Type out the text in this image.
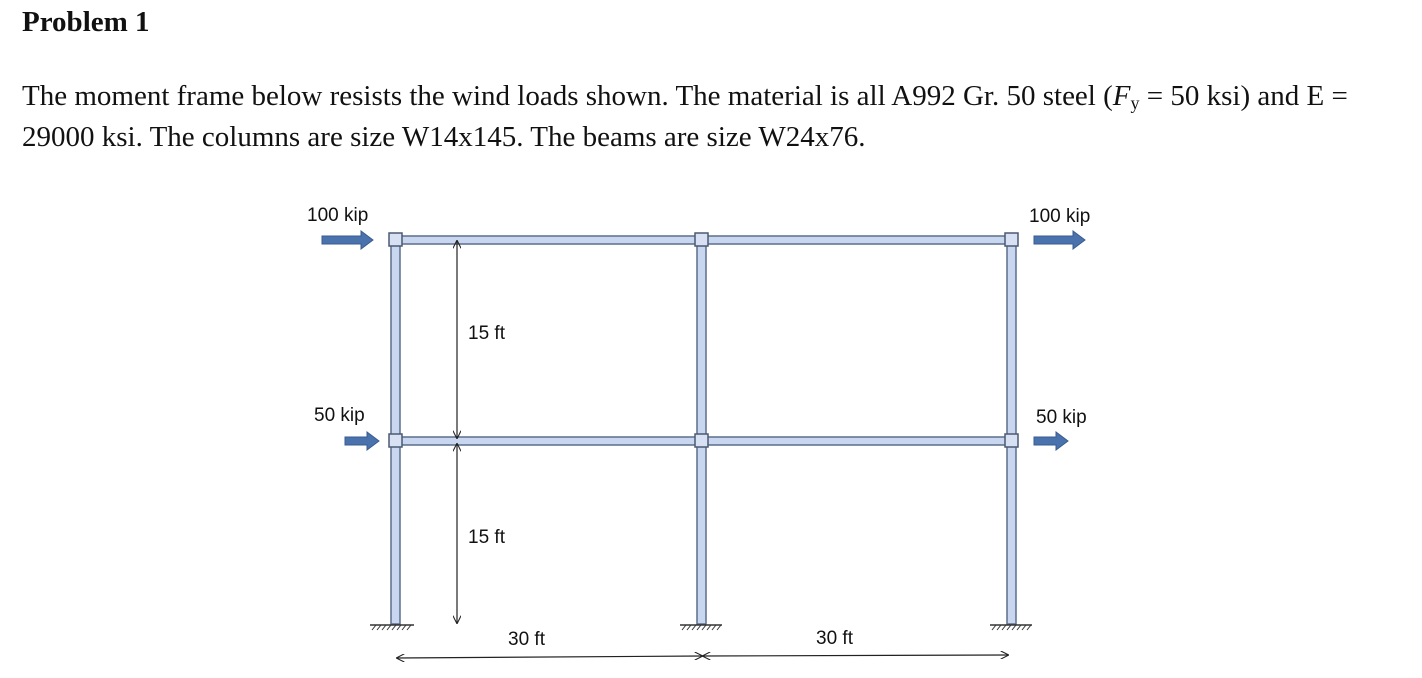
Problem 1

The moment frame below resists the wind loads shown. The material is all A992 Gr. 50 steel ($F_y = 50$ ksi) and E = 29000 ksi. The columns are size W14x145. The beams are size W24x76.

100 kip	100 kip
50 kip	50 kip
15 ft
15 ft
30 ft	30 ft
